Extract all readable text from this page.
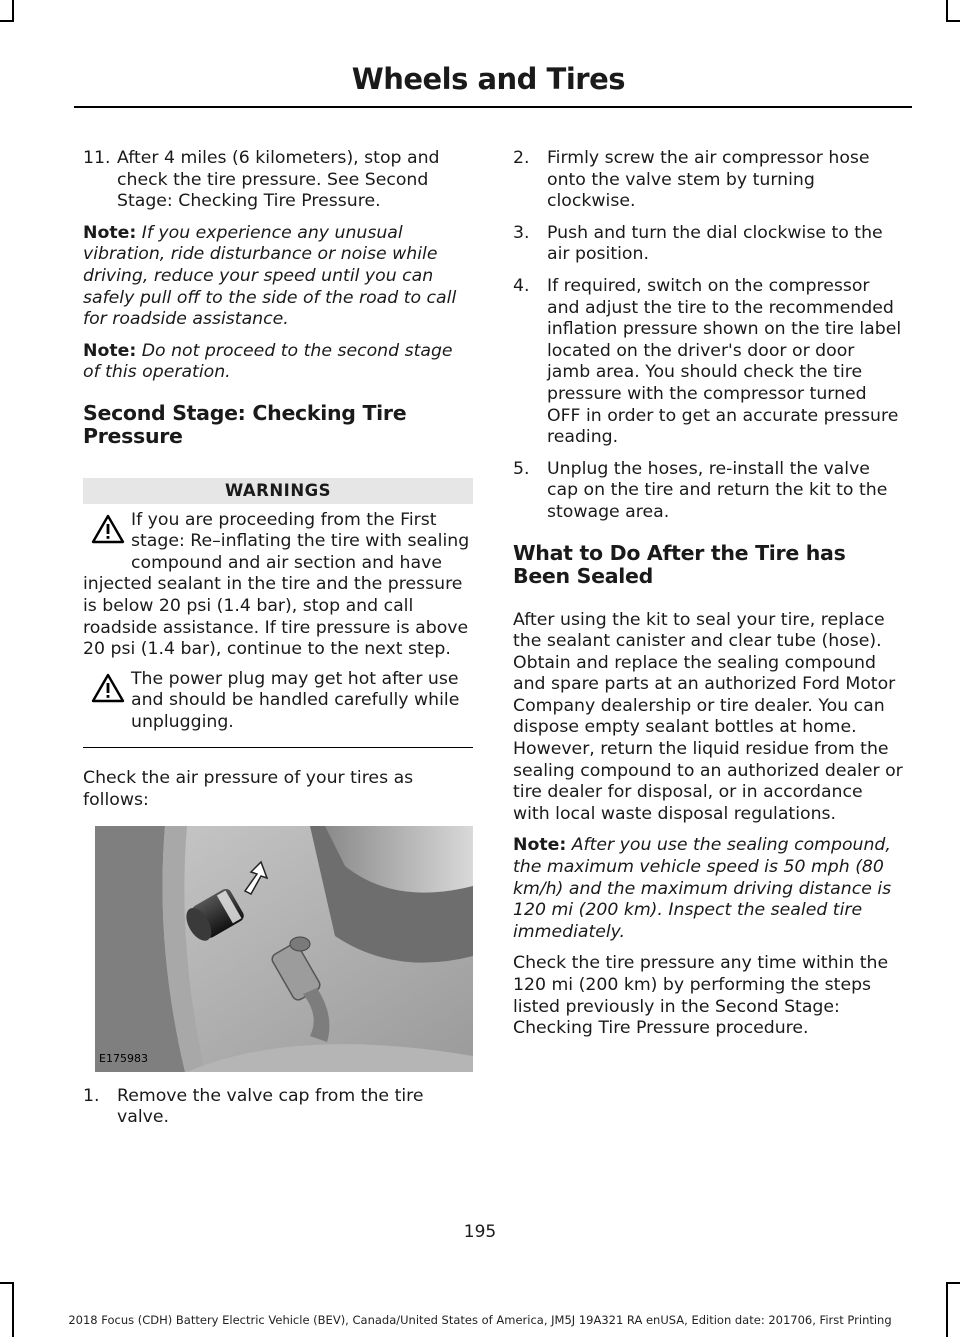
Wheels and Tires
11. After 4 miles (6 kilometers), stop and check the tire pressure. See Second Stage: Checking Tire Pressure.

Note: If you experience any unusual vibration, ride disturbance or noise while driving, reduce your speed until you can safely pull off to the side of the road to call for roadside assistance.

Note: Do not proceed to the second stage of this operation.

Second Stage: Checking Tire Pressure
WARNINGS
If you are proceeding from the First stage: Re–inflating the tire with sealing compound and air section and have injected sealant in the tire and the pressure is below 20 psi (1.4 bar), stop and call roadside assistance. If tire pressure is above 20 psi (1.4 bar), continue to the next step.
The power plug may get hot after use and should be handled carefully while unplugging.

Check the air pressure of your tires as follows:

E175983
1. Remove the valve cap from the tire valve.
2. Firmly screw the air compressor hose onto the valve stem by turning clockwise.
3. Push and turn the dial clockwise to the air position.
4. If required, switch on the compressor and adjust the tire to the recommended inflation pressure shown on the tire label located on the driver's door or door jamb area. You should check the tire pressure with the compressor turned OFF in order to get an accurate pressure reading.
5. Unplug the hoses, re-install the valve cap on the tire and return the kit to the stowage area.
What to Do After the Tire has Been Sealed

After using the kit to seal your tire, replace the sealant canister and clear tube (hose). Obtain and replace the sealing compound and spare parts at an authorized Ford Motor Company dealership or tire dealer. You can dispose empty sealant bottles at home. However, return the liquid residue from the sealing compound to an authorized dealer or tire dealer for disposal, or in accordance with local waste disposal regulations.

Note: After you use the sealing compound, the maximum vehicle speed is 50 mph (80 km/h) and the maximum driving distance is 120 mi (200 km). Inspect the sealed tire immediately.

Check the tire pressure any time within the 120 mi (200 km) by performing the steps listed previously in the Second Stage: Checking Tire Pressure procedure.

195
2018 Focus (CDH) Battery Electric Vehicle (BEV), Canada/United States of America, JM5J 19A321 RA enUSA, Edition date: 201706, First Printing
